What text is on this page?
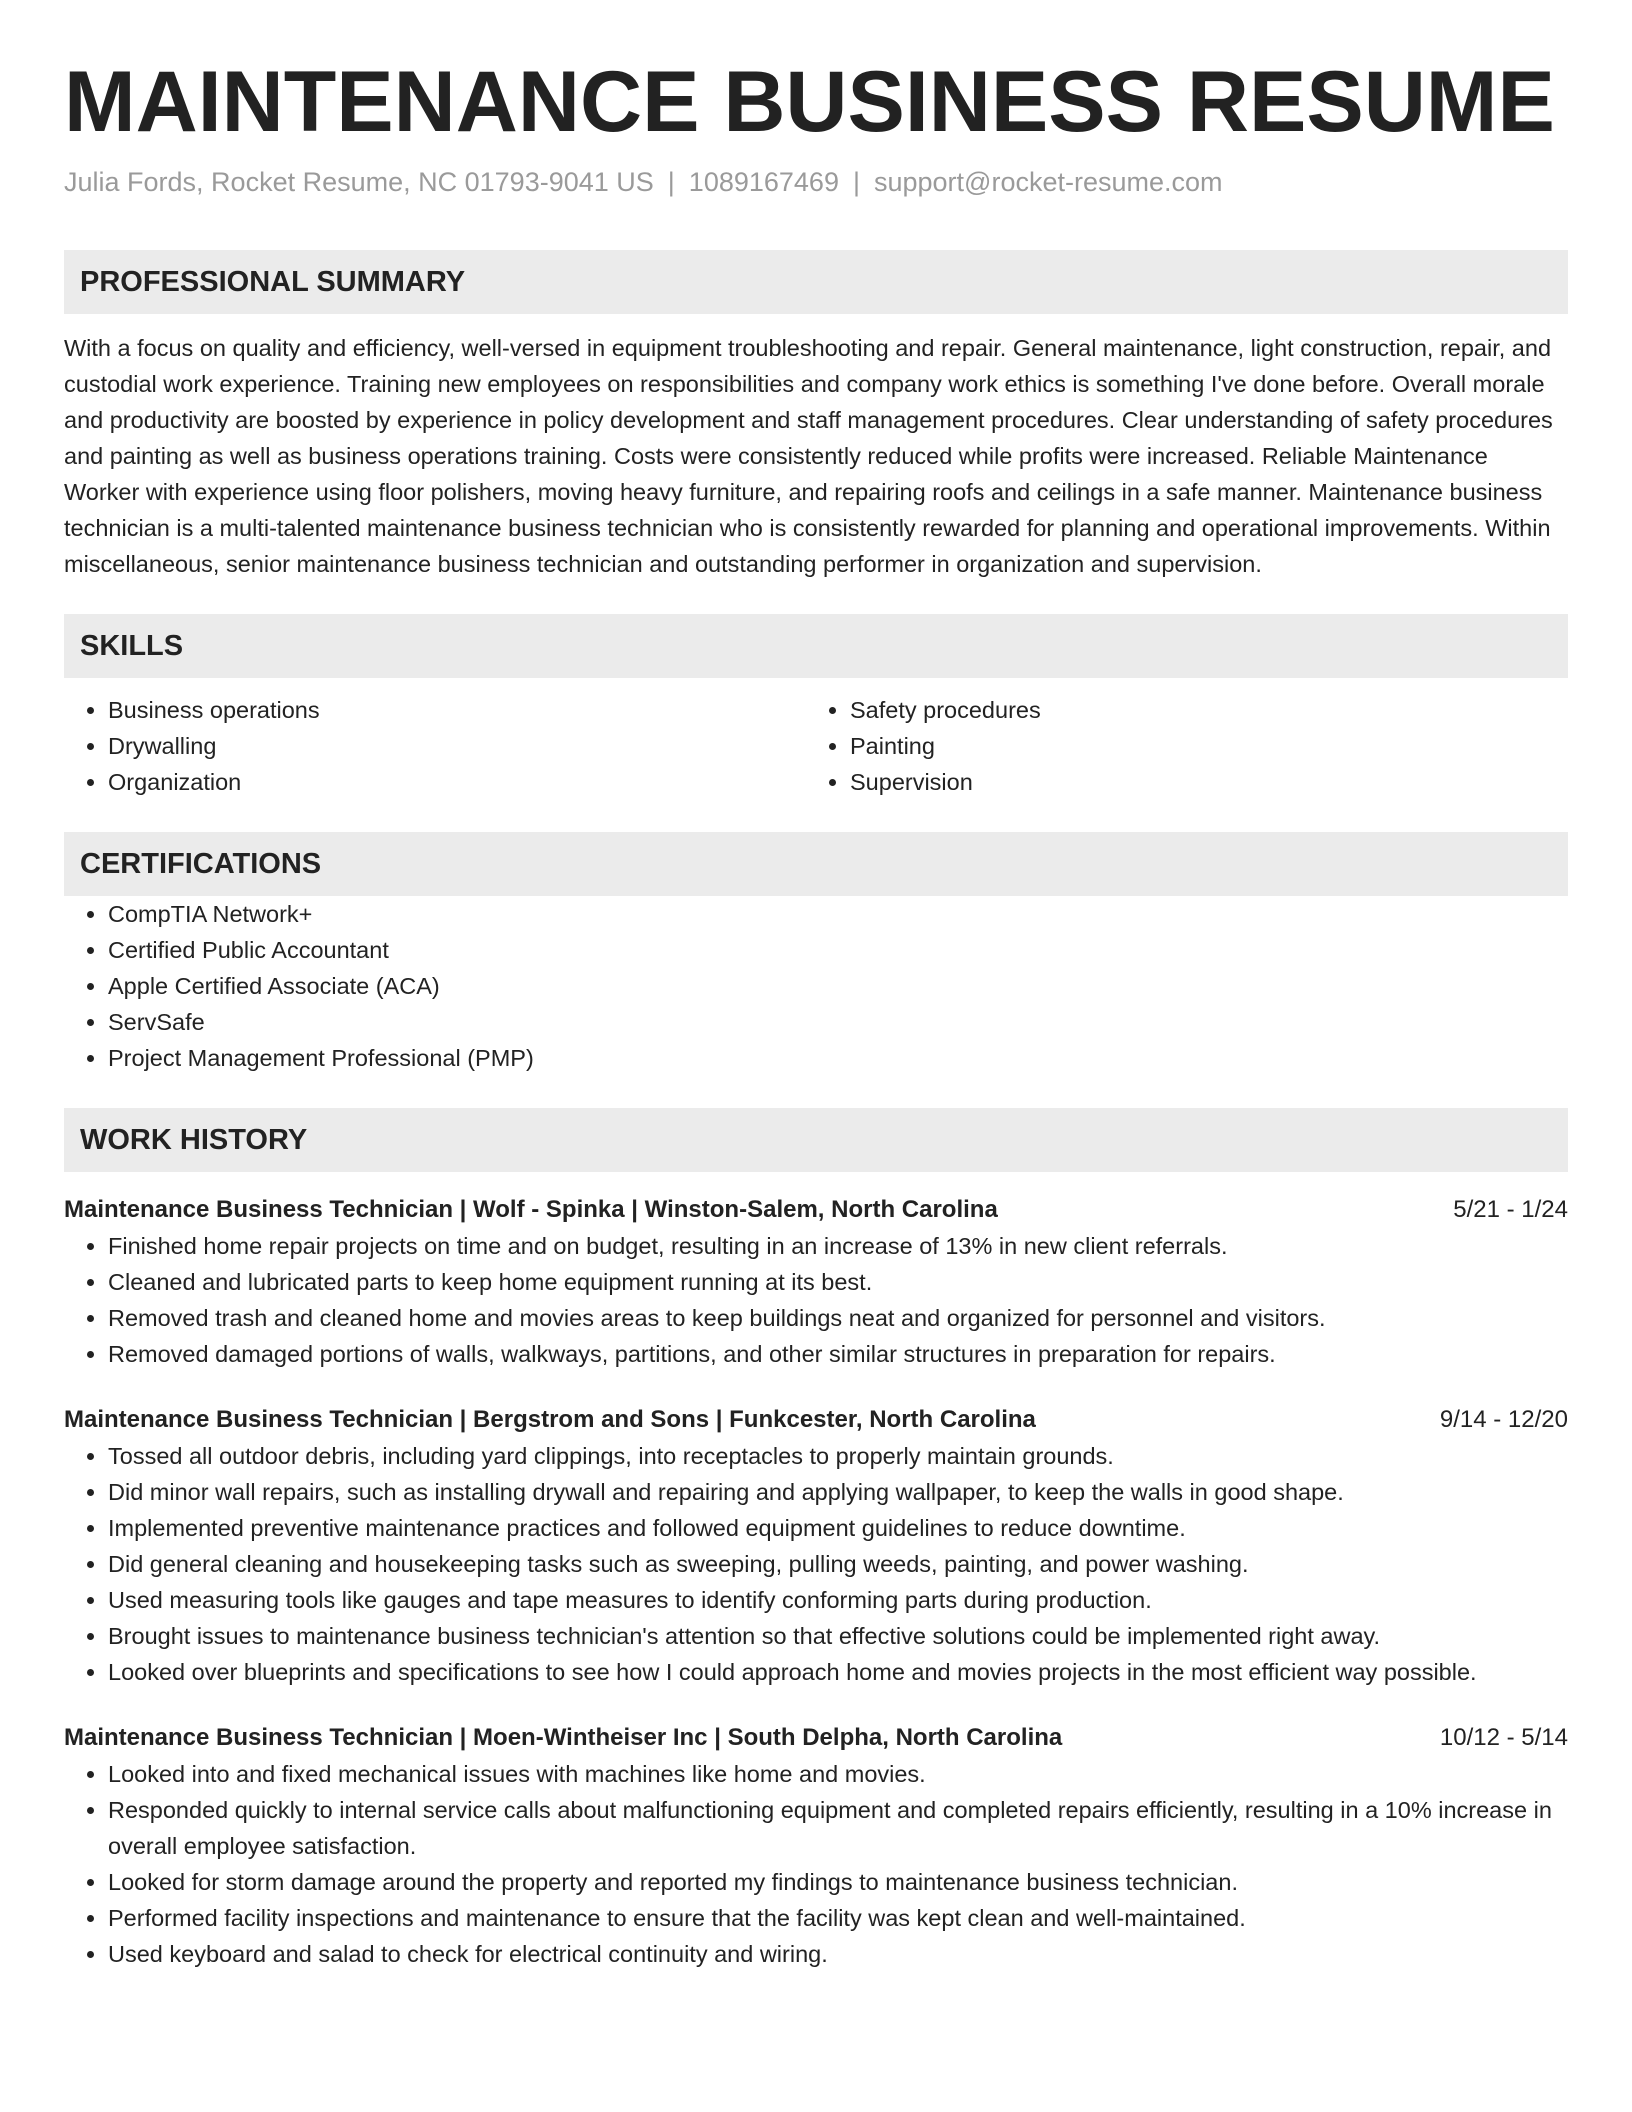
MAINTENANCE BUSINESS RESUME
Julia Fords, Rocket Resume, NC 01793-9041 US | 1089167469 | support@rocket-resume.com
PROFESSIONAL SUMMARY

With a focus on quality and efficiency, well-versed in equipment troubleshooting and repair. General maintenance, light construction, repair, and custodial work experience. Training new employees on responsibilities and company work ethics is something I've done before. Overall morale and productivity are boosted by experience in policy development and staff management procedures. Clear understanding of safety procedures and painting as well as business operations training. Costs were consistently reduced while profits were increased. Reliable Maintenance Worker with experience using floor polishers, moving heavy furniture, and repairing roofs and ceilings in a safe manner. Maintenance business technician is a multi-talented maintenance business technician who is consistently rewarded for planning and operational improvements. Within miscellaneous, senior maintenance business technician and outstanding performer in organization and supervision.

SKILLS
• Business operations
• Drywalling
• Organization
• Safety procedures
• Painting
• Supervision
CERTIFICATIONS
• CompTIA Network+
• Certified Public Accountant
• Apple Certified Associate (ACA)
• ServSafe
• Project Management Professional (PMP)
WORK HISTORY
Maintenance Business Technician | Wolf - Spinka | Winston-Salem, North Carolina	5/21 - 1/24
• Finished home repair projects on time and on budget, resulting in an increase of 13% in new client referrals.
• Cleaned and lubricated parts to keep home equipment running at its best.
• Removed trash and cleaned home and movies areas to keep buildings neat and organized for personnel and visitors.
• Removed damaged portions of walls, walkways, partitions, and other similar structures in preparation for repairs.
Maintenance Business Technician | Bergstrom and Sons | Funkcester, North Carolina	9/14 - 12/20
• Tossed all outdoor debris, including yard clippings, into receptacles to properly maintain grounds.
• Did minor wall repairs, such as installing drywall and repairing and applying wallpaper, to keep the walls in good shape.
• Implemented preventive maintenance practices and followed equipment guidelines to reduce downtime.
• Did general cleaning and housekeeping tasks such as sweeping, pulling weeds, painting, and power washing.
• Used measuring tools like gauges and tape measures to identify conforming parts during production.
• Brought issues to maintenance business technician's attention so that effective solutions could be implemented right away.
• Looked over blueprints and specifications to see how I could approach home and movies projects in the most efficient way possible.
Maintenance Business Technician | Moen-Wintheiser Inc | South Delpha, North Carolina	10/12 - 5/14
• Looked into and fixed mechanical issues with machines like home and movies.
• Responded quickly to internal service calls about malfunctioning equipment and completed repairs efficiently, resulting in a 10% increase in overall employee satisfaction.
• Looked for storm damage around the property and reported my findings to maintenance business technician.
• Performed facility inspections and maintenance to ensure that the facility was kept clean and well-maintained.
• Used keyboard and salad to check for electrical continuity and wiring.
